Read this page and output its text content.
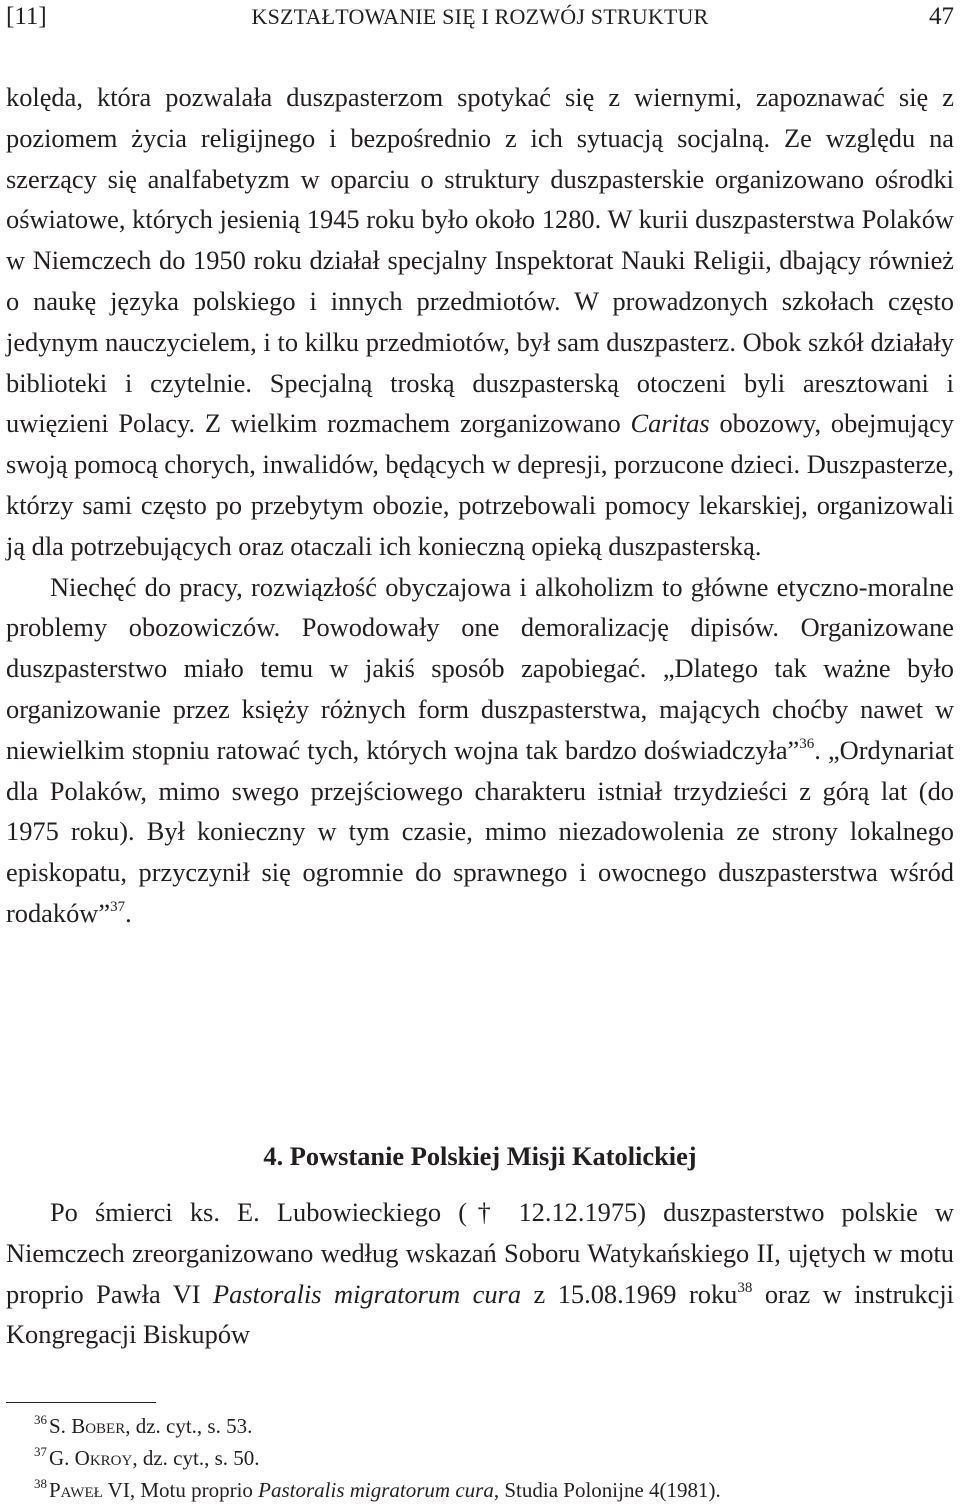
[11]	KSZTAŁTOWANIE SIĘ I ROZWÓJ STRUKTUR	47

kolęda, która pozwalała duszpasterzom spotykać się z wiernymi, zapoznawać się z poziomem życia religijnego i bezpośrednio z ich sytuacją socjalną. Ze względu na szerzący się analfabetyzm w oparciu o struktury duszpasterskie organizowano ośrodki oświatowe, których jesienią 1945 roku było około 1280. W kurii duszpasterstwa Polaków w Niemczech do 1950 roku działał specjalny Inspektorat Nauki Religii, dbający również o naukę języka polskiego i innych przedmiotów. W prowadzonych szkołach często jedynym nauczycielem, i to kilku przedmiotów, był sam duszpasterz. Obok szkół działały biblioteki i czytelnie. Specjalną troską duszpasterską otoczeni byli aresztowani i uwięzieni Polacy. Z wielkim rozmachem zorganizowano Caritas obozowy, obejmujący swoją pomocą chorych, inwalidów, będących w depresji, porzucone dzieci. Duszpasterze, którzy sami często po przebytym obozie, potrzebowali pomocy lekarskiej, organizowali ją dla potrzebujących oraz otaczali ich konieczną opieką duszpasterską.

Niechęć do pracy, rozwiązłość obyczajowa i alkoholizm to główne etyczno-moralne problemy obozowiczów. Powodowały one demoralizację dipisów. Organizowane duszpasterstwo miało temu w jakiś sposób zapobiegać. „Dlatego tak ważne było organizowanie przez księży różnych form duszpasterstwa, mających choćby nawet w niewielkim stopniu ratować tych, których wojna tak bardzo doświadczyła”$^{36}$. „Ordynariat dla Polaków, mimo swego przejściowego charakteru istniał trzydzieści z górą lat (do 1975 roku). Był konieczny w tym czasie, mimo niezadowolenia ze strony lokalnego episkopatu, przyczynił się ogromnie do sprawnego i owocnego duszpasterstwa wśród rodaków”$^{37}$.

4. Powstanie Polskiej Misji Katolickiej

Po śmierci ks. E. Lubowieckiego († 12.12.1975) duszpasterstwo polskie w Niemczech zreorganizowano według wskazań Soboru Watykańskiego II, ujętych w motu proprio Pawła VI Pastoralis migratorum cura z 15.08.1969 roku$^{38}$ oraz w instrukcji Kongregacji Biskupów

$^{36}$S. Bober, dz. cyt., s. 53.

$^{37}$G. Okroy, dz. cyt., s. 50.

$^{38}$Paweł VI, Motu proprio Pastoralis migratorum cura, Studia Polonijne 4(1981).
